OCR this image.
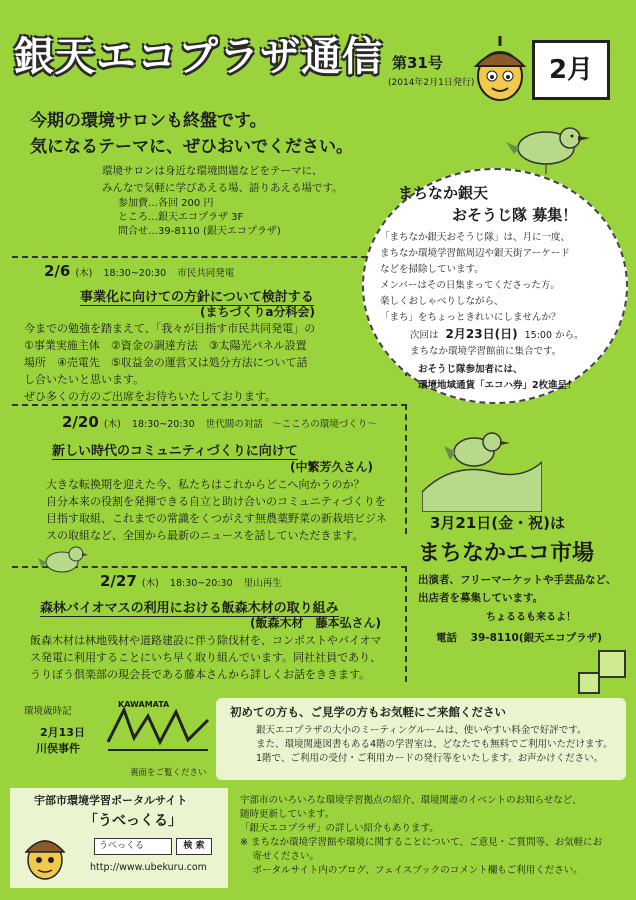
銀天エコプラザ通信 第31号
(2014年2月1日発行)	2月
今期の環境サロンも終盤です。
気になるテーマに、ぜひおいでください。
環境サロンは身近な環境問題などをテーマに、
みんなで気軽に学びあえる場、語りあえる場です。
参加費…各回 200 円
ところ…銀天エコプラザ 3F
問合せ…39-8110 (銀天エコプラザ)
2/6 (木) 18:30~20:30 市民共同発電
事業化に向けての方針について検討する
(まちづくりa分科会)
今までの勉強を踏まえて、「我々が目指す市民共同発電」の
①事業実施主体　②資金の調達方法　③太陽光パネル設置
場所　④売電先　⑤収益金の運営又は処分方法について話
し合いたいと思います。
ぜひ多くの方のご出席をお待ちいたしております。
2/20 (木) 18:30~20:30 世代間の対話　～こころの環境づくり～
新しい時代のコミュニティづくりに向けて
(中繁芳久さん)
大きな転換期を迎えた今、私たちはこれからどこへ向かうのか？
自分本来の役割を発揮できる自立と助け合いのコミュニティづくりを
目指す取組、これまでの常識をくつがえす無農薬野菜の新栽培ビジネ
スの取組など、全国から最新のニュースを話していただきます。
2/27 (木) 18:30~20:30 里山再生
森林バイオマスの利用における飯森木材の取り組み
(飯森木材　藤本弘さん)
飯森木材は林地残材や道路建設に伴う除伐材を、コンポストやバイオマ
ス発電に利用することにいち早く取り組んでいます。同社社員であり、
うりぼう倶楽部の現会長である藤本さんから詳しくお話をききます。
まちなか銀天
おそうじ隊 募集！
「まちなか銀天おそうじ隊」は、月に一度、
まちなか環境学習館周辺や銀天街アーケード
などを掃除しています。
メンバーはその日集まってくださった方。
楽しくおしゃべりしながら、
「まち」をちょっときれいにしませんか？
次回は 2月23日(日) 15:00 から。
まちなか環境学習館前に集合です。
おそうじ隊参加者には、
環境地域通貨「エコハ券」2枚進呈！
3月21日(金・祝)は
まちなかエコ市場
出演者、フリーマーケットや手芸品など、
出店者を募集しています。
ちょるるも来るよ！
電話 39-8110(銀天エコプラザ)
環境歳時記
2月13日
川俣事件
KAWAMATA
裏面をご覧ください
初めての方も、ご見学の方もお気軽にご来館ください
銀天エコプラザの大小のミーティングルームは、使いやすい料金で好評です。
また、環境関連図書もある4階の学習室は、どなたでも無料でご利用いただけます。
1階で、ご利用の受付・ご利用カードの発行等をいたします。お声かけください。
宇部市環境学習ポータルサイト
「うべっくる」
うべっくる	検 索
http://www.ubekuru.com
宇部市のいろいろな環境学習拠点の紹介、環境関連のイベントのお知らせなど、
随時更新しています。
「銀天エコプラザ」の詳しい紹介もあります。
※ まちなか環境学習館や環境に関することについて、ご意見・ご質問等、お気軽にお
　 寄せください。
　 ポータルサイト内のブログ、フェイスブックのコメント欄もご利用ください。
